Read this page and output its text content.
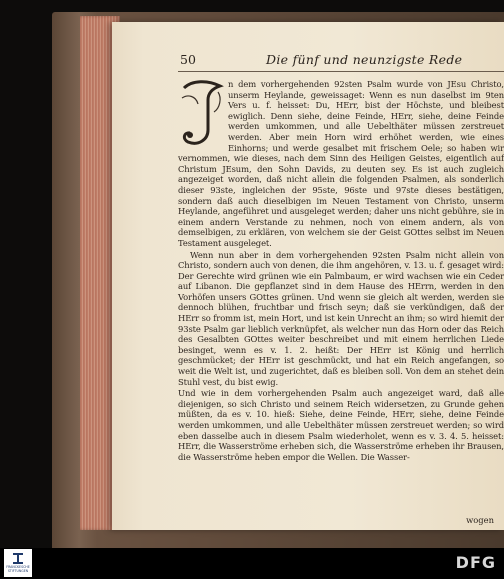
50	Die fünf und neunzigste Rede

n dem vorhergehenden 92sten Psalm wurde von JEsu Christo, unserm Heylande, geweissaget: Wenn es nun daselbst im 9ten Vers u. f. heisset: Du, HErr, bist der Höchste, und bleibest ewiglich. Denn siehe, deine Feinde, HErr, siehe, deine Feinde werden umkommen, und alle Uebelthäter müssen zerstreuet werden. Aber mein Horn wird erhöhet werden, wie eines Einhorns; und werde gesalbet mit frischem Oele; so haben wir vernommen, wie dieses, nach dem Sinn des Heiligen Geistes, eigentlich auf Christum JEsum, den Sohn Davids, zu deuten sey. Es ist auch zugleich angezeiget worden, daß nicht allein die folgenden Psalmen, als sonderlich dieser 93ste, ingleichen der 95ste, 96ste und 97ste dieses bestätigen, sondern daß auch dieselbigen im Neuen Testament von Christo, unserm Heylande, angeführet und ausgeleget werden; daher uns nicht gebühre, sie in einem andern Verstande zu nehmen, noch von einem andern, als von demselbigen, zu erklären, von welchem sie der Geist GOttes selbst im Neuen Testament ausgeleget.

Wenn nun aber in dem vorhergehenden 92sten Psalm nicht allein von Christo, sondern auch von denen, die ihm angehören, v. 13. u. f. gesaget wird: Der Gerechte wird grünen wie ein Palmbaum, er wird wachsen wie ein Ceder auf Libanon. Die gepflanzet sind in dem Hause des HErrn, werden in den Vorhöfen unsers GOttes grünen. Und wenn sie gleich alt werden, werden sie dennoch blühen, fruchtbar und frisch seyn; daß sie verkündigen, daß der HErr so fromm ist, mein Hort, und ist kein Unrecht an ihm; so wird hiemit der 93ste Psalm gar lieblich verknüpfet, als welcher nun das Horn oder das Reich des Gesalbten GOttes weiter beschreibet und mit einem herrlichen Liede besinget, wenn es v. 1. 2. heißt: Der HErr ist König und herrlich geschmücket; der HErr ist geschmückt, und hat ein Reich angefangen, so weit die Welt ist, und zugerichtet, daß es bleiben soll. Von dem an stehet dein Stuhl vest, du bist ewig.

Und wie in dem vorhergehenden Psalm auch angezeiget ward, daß alle diejenigen, so sich Christo und seinem Reich widersetzen, zu Grunde gehen müßten, da es v. 10. hieß: Siehe, deine Feinde, HErr, siehe, deine Feinde werden umkommen, und alle Uebelthäter müssen zerstreuet werden; so wird eben dasselbe auch in diesem Psalm wiederholet, wenn es v. 3. 4. 5. heisset: HErr, die Wasserströme erheben sich, die Wasserströme erheben ihr Brausen, die Wasserströme heben empor die Wellen. Die Wasser-

wogen
FRANCKESCHE STIFTUNGEN	DFG
